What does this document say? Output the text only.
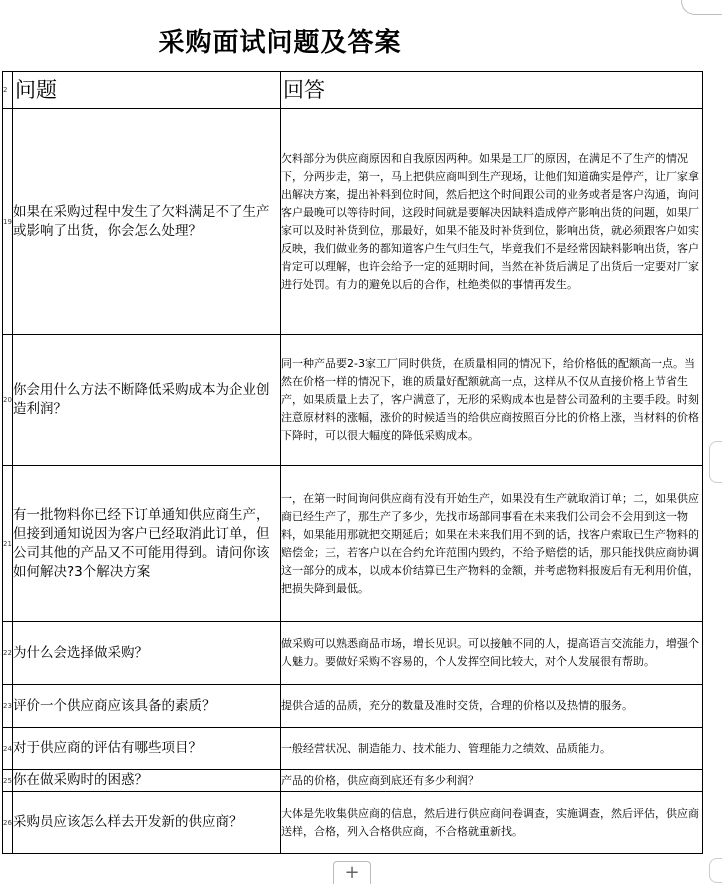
采购面试问题及答案
2	问题	回答
19	如果在采购过程中发生了欠料满足不了生产或影响了出货，你会怎么处理？	欠料部分为供应商原因和自我原因两种。如果是工厂的原因，在满足不了生产的情况下，分两步走，第一，马上把供应商叫到生产现场，让他们知道确实是停产，让厂家拿出解决方案，提出补料到位时间，然后把这个时间跟公司的业务或者是客户沟通，询问客户最晚可以等待时间，这段时间就是要解决因缺料造成停产影响出货的问题，如果厂家可以及时补货到位，那最好，如果不能及时补货到位，影响出货，就必须跟客户如实反映，我们做业务的都知道客户生气归生气，毕竟我们不是经常因缺料影响出货，客户肯定可以理解，也许会给予一定的延期时间，当然在补货后满足了出货后一定要对厂家进行处罚。有力的避免以后的合作，杜绝类似的事情再发生。
20	你会用什么方法不断降低采购成本为企业创造利润？	同一种产品要2-3家工厂同时供货，在质量相同的情况下，给价格低的配额高一点。当然在价格一样的情况下，谁的质量好配额就高一点，这样从不仅从直接价格上节省生产，如果质量上去了，客户满意了，无形的采购成本也是替公司盈利的主要手段。时刻注意原材料的涨幅，涨价的时候适当的给供应商按照百分比的价格上涨，当材料的价格下降时，可以很大幅度的降低采购成本。
21	有一批物料你已经下订单通知供应商生产，但接到通知说因为客户已经取消此订单，但公司其他的产品又不可能用得到。请问你该如何解决?3个解决方案	一，在第一时间询问供应商有没有开始生产，如果没有生产就取消订单；二，如果供应商已经生产了，那生产了多少，先找市场部同事看在未来我们公司会不会用到这一物料，如果能用那就把交期延后；如果在未来我们用不到的话，找客户索取已生产物料的赔偿金；三，若客户以在合约允许范围内毁约，不给予赔偿的话，那只能找供应商协调这一部分的成本，以成本价结算已生产物料的金额，并考虑物料报废后有无利用价值，把损失降到最低。
22	为什么会选择做采购？	做采购可以熟悉商品市场，增长见识。可以接触不同的人，提高语言交流能力，增强个人魅力。要做好采购不容易的，个人发挥空间比较大，对个人发展很有帮助。
23	评价一个供应商应该具备的素质？	提供合适的品质，充分的数量及准时交货，合理的价格以及热情的服务。
24	对于供应商的评估有哪些项目？	一般经营状况、制造能力、技术能力、管理能力之绩效、品质能力。
25	你在做采购时的困惑？	产品的价格，供应商到底还有多少利润？
26	采购员应该怎么样去开发新的供应商？	大体是先收集供应商的信息，然后进行供应商问卷调查，实施调查，然后评估，供应商送样，合格，列入合格供应商，不合格就重新找。
+
